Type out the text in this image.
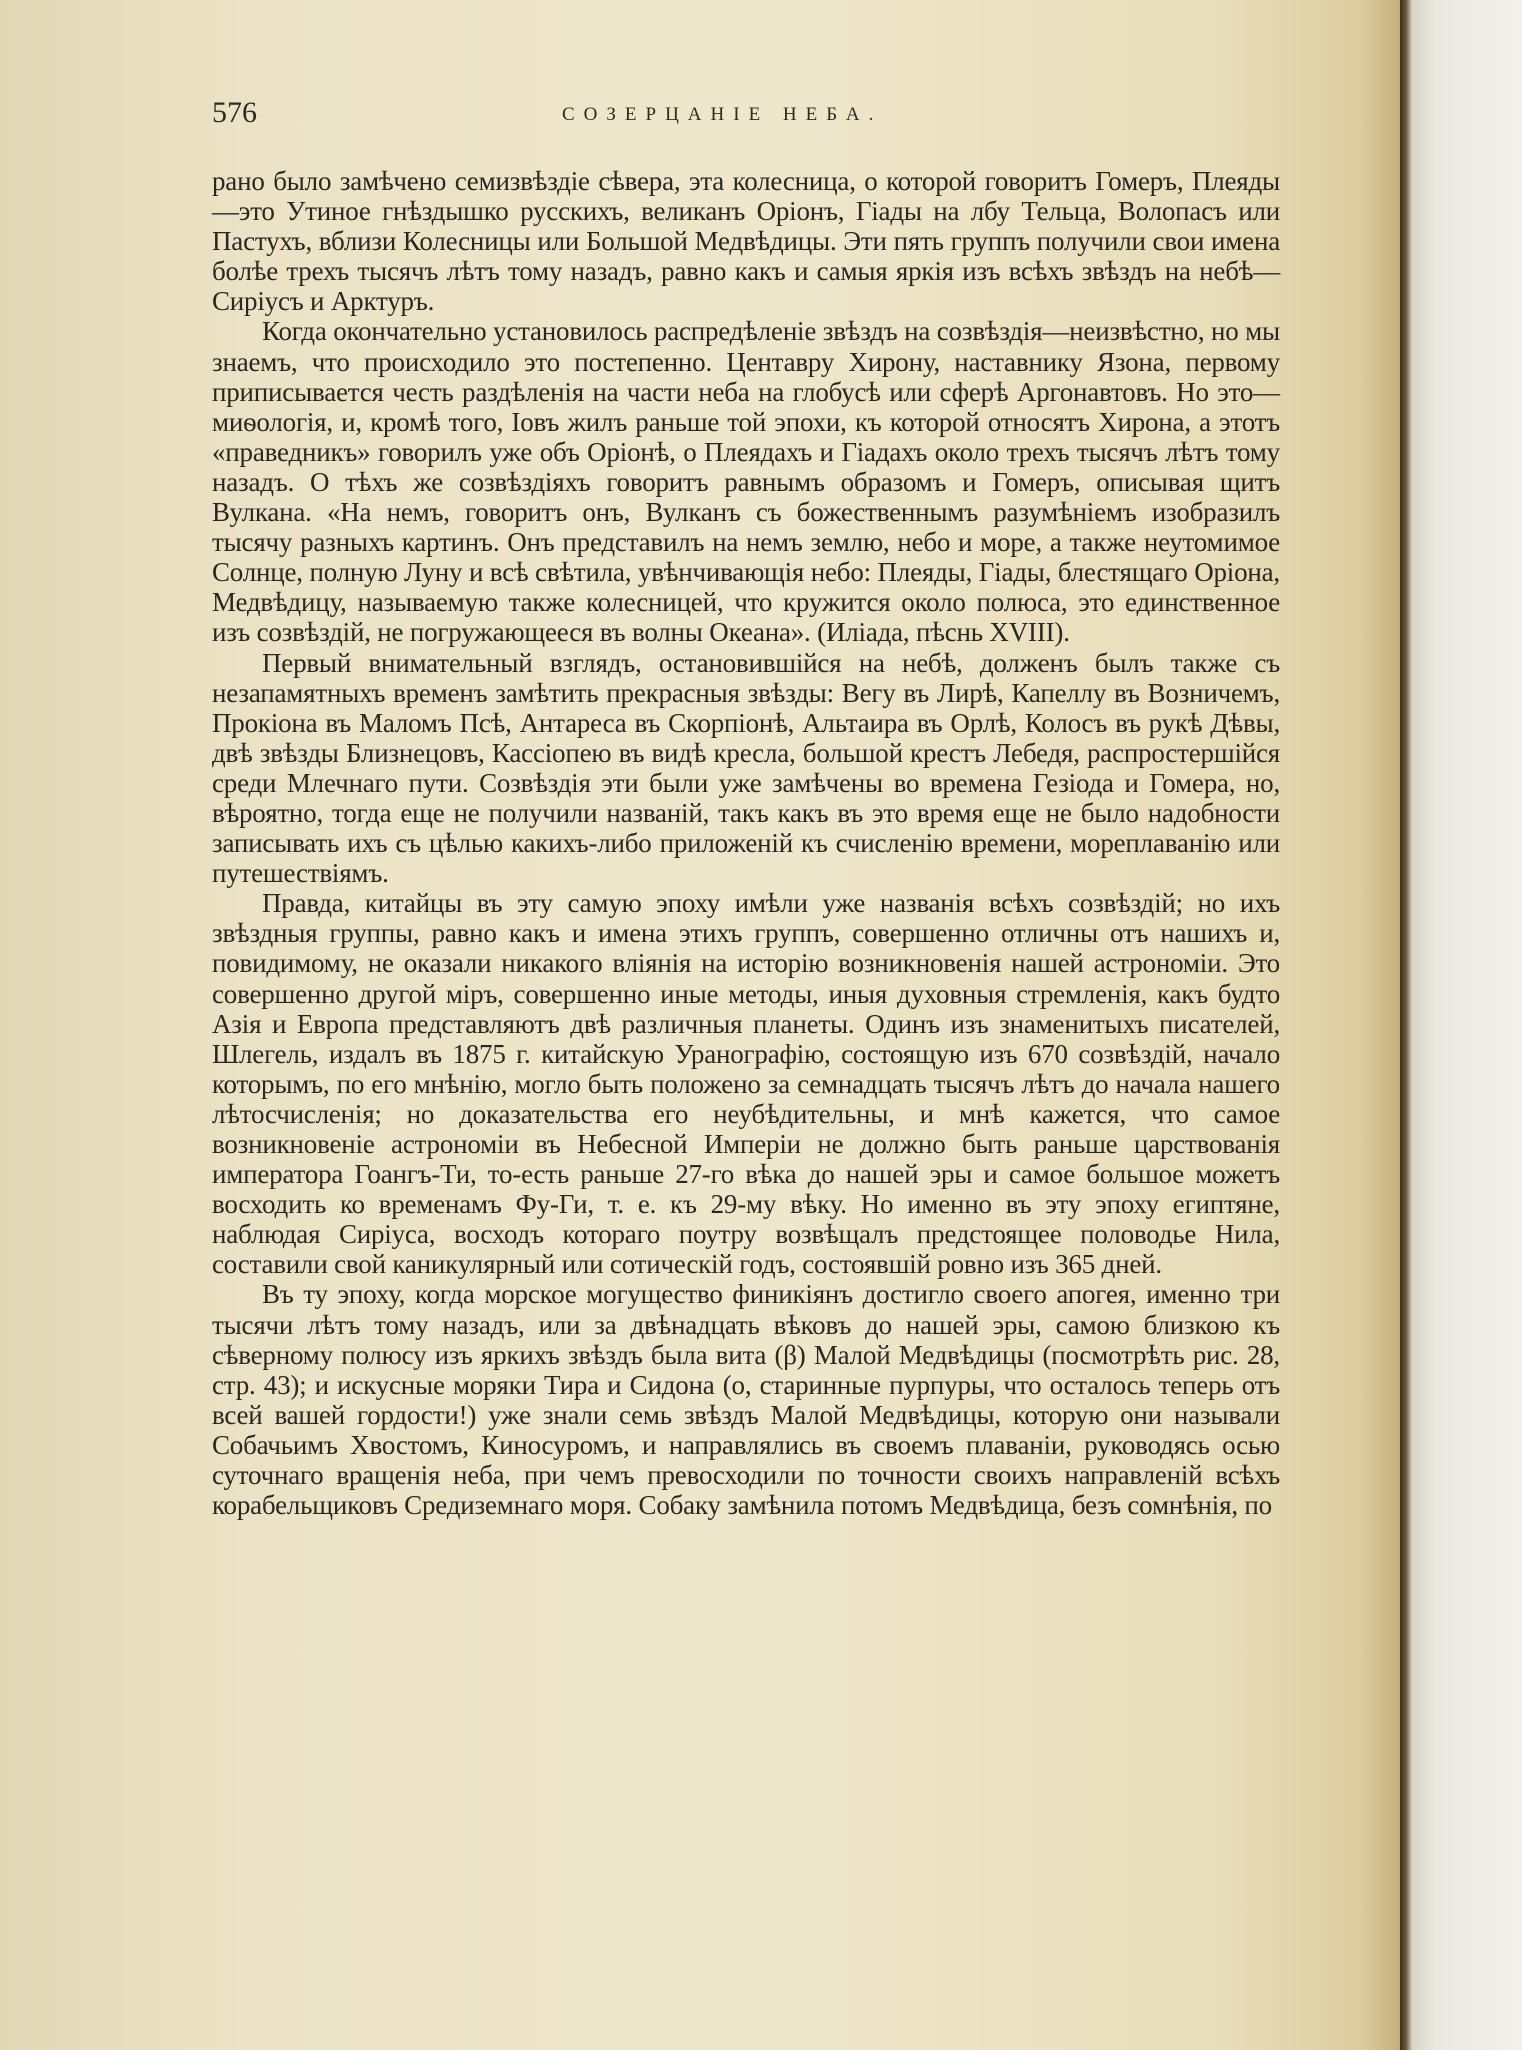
576	СОЗЕРЦАНІЕ НЕБА.

рано было замѣчено семизвѣздіе сѣвера, эта колесница, о которой говоритъ Гомеръ, Плеяды—это Утиное гнѣздышко русскихъ, великанъ Оріонъ, Гіады на лбу Тельца, Волопасъ или Пастухъ, вблизи Колесницы или Большой Медвѣдицы. Эти пять группъ получили свои имена болѣе трехъ тысячъ лѣтъ тому назадъ, равно какъ и самыя яркія изъ всѣхъ звѣздъ на небѣ—Сиріусъ и Арктуръ.

Когда окончательно установилось распредѣленіе звѣздъ на созвѣздія—неизвѣстно, но мы знаемъ, что происходило это постепенно. Центавру Хирону, наставнику Язона, первому приписывается честь раздѣленія на части неба на глобусѣ или сферѣ Аргонавтовъ. Но это—миѳологія, и, кромѣ того, Іовъ жилъ раньше той эпохи, къ которой относятъ Хирона, а этотъ «праведникъ» говорилъ уже объ Оріонѣ, о Плеядахъ и Гіадахъ около трехъ тысячъ лѣтъ тому назадъ. О тѣхъ же созвѣздіяхъ говоритъ равнымъ образомъ и Гомеръ, описывая щитъ Вулкана. «На немъ, говоритъ онъ, Вулканъ съ божественнымъ разумѣніемъ изобразилъ тысячу разныхъ картинъ. Онъ представилъ на немъ землю, небо и море, а также неутомимое Солнце, полную Луну и всѣ свѣтила, увѣнчивающія небо: Плеяды, Гіады, блестящаго Оріона, Медвѣдицу, называемую также колесницей, что кружится около полюса, это единственное изъ созвѣздій, не погружающееся въ волны Океана». (Иліада, пѣснь XVIII).

Первый внимательный взглядъ, остановившійся на небѣ, долженъ былъ также съ незапамятныхъ временъ замѣтить прекрасныя звѣзды: Вегу въ Лирѣ, Капеллу въ Возничемъ, Прокіона въ Маломъ Псѣ, Антареса въ Скорпіонѣ, Альтаира въ Орлѣ, Колосъ въ рукѣ Дѣвы, двѣ звѣзды Близнецовъ, Кассіопею въ видѣ кресла, большой крестъ Лебедя, распростершійся среди Млечнаго пути. Созвѣздія эти были уже замѣчены во времена Гезіода и Гомера, но, вѣроятно, тогда еще не получили названій, такъ какъ въ это время еще не было надобности записывать ихъ съ цѣлью какихъ-либо приложеній къ счисленію времени, мореплаванію или путешествіямъ.

Правда, китайцы въ эту самую эпоху имѣли уже названія всѣхъ созвѣздій; но ихъ звѣздныя группы, равно какъ и имена этихъ группъ, совершенно отличны отъ нашихъ и, повидимому, не оказали никакого вліянія на исторію возникновенія нашей астрономіи. Это совершенно другой міръ, совершенно иные методы, иныя духовныя стремленія, какъ будто Азія и Европа представляютъ двѣ различныя планеты. Одинъ изъ знаменитыхъ писателей, Шлегель, издалъ въ 1875 г. китайскую Уранографію, состоящую изъ 670 созвѣздій, начало которымъ, по его мнѣнію, могло быть положено за семнадцать тысячъ лѣтъ до начала нашего лѣтосчисленія; но доказательства его неубѣдительны, и мнѣ кажется, что самое возникновеніе астрономіи въ Небесной Имперіи не должно быть раньше царствованія императора Гоангъ-Ти, то-есть раньше 27-го вѣка до нашей эры и самое большое можетъ восходить ко временамъ Фу-Ги, т. е. къ 29-му вѣку. Но именно въ эту эпоху египтяне, наблюдая Сиріуса, восходъ котораго поутру возвѣщалъ предстоящее половодье Нила, составили свой каникулярный или сотическій годъ, состоявшій ровно изъ 365 дней.

Въ ту эпоху, когда морское могущество финикіянъ достигло своего апогея, именно три тысячи лѣтъ тому назадъ, или за двѣнадцать вѣковъ до нашей эры, самою близкою къ сѣверному полюсу изъ яркихъ звѣздъ была вита (β) Малой Медвѣдицы (посмотрѣть рис. 28, стр. 43); и искусные моряки Тира и Сидона (о, старинные пурпуры, что осталось теперь отъ всей вашей гордости!) уже знали семь звѣздъ Малой Медвѣдицы, которую они называли Собачьимъ Хвостомъ, Киносуромъ, и направлялись въ своемъ плаваніи, руководясь осью суточнаго вращенія неба, при чемъ превосходили по точности своихъ направленій всѣхъ корабельщиковъ Средиземнаго моря. Собаку замѣнила потомъ Медвѣдица, безъ сомнѣнія, по
